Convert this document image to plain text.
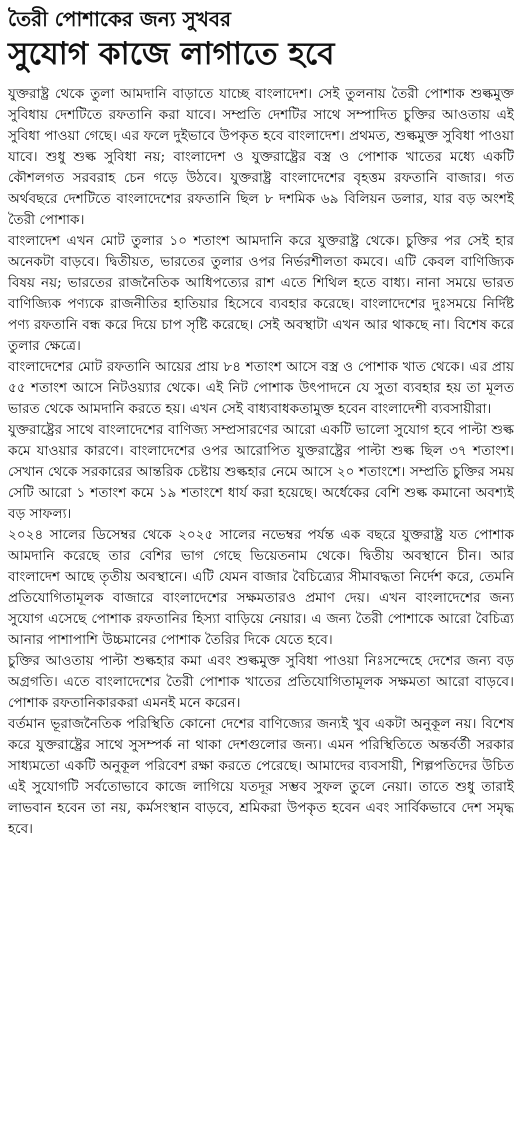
তৈরী পোশাকের জন্য সুখবর
সুযোগ কাজে লাগাতে হবে

যুক্তরাষ্ট্র থেকে তুলা আমদানি বাড়াতে যাচ্ছে বাংলাদেশ। সেই তুলনায় তৈরী পোশাক শুল্কমুক্ত সুবিধায় দেশটিতে রফতানি করা যাবে। সম্প্রতি দেশটির সাথে সম্পাদিত চুক্তির আওতায় এই সুবিধা পাওয়া গেছে। এর ফলে দুইভাবে উপকৃত হবে বাংলাদেশ। প্রথমত, শুল্কমুক্ত সুবিধা পাওয়া যাবে। শুধু শুল্ক সুবিধা নয়; বাংলাদেশ ও যুক্তরাষ্ট্রের বস্ত্র ও পোশাক খাতের মধ্যে একটি কৌশলগত সরবরাহ চেন গড়ে উঠবে। যুক্তরাষ্ট্র বাংলাদেশের বৃহত্তম রফতানি বাজার। গত অর্থবছরে দেশটিতে বাংলাদেশের রফতানি ছিল ৮ দশমিক ৬৯ বিলিয়ন ডলার, যার বড় অংশই তৈরী পোশাক।

বাংলাদেশ এখন মোট তুলার ১০ শতাংশ আমদানি করে যুক্তরাষ্ট্র থেকে। চুক্তির পর সেই হার অনেকটা বাড়বে। দ্বিতীয়ত, ভারতের তুলার ওপর নির্ভরশীলতা কমবে। এটি কেবল বাণিজ্যিক বিষয় নয়; ভারতের রাজনৈতিক আধিপত্যের রাশ এতে শিথিল হতে বাধ্য। নানা সময়ে ভারত বাণিজ্যিক পণ্যকে রাজনীতির হাতিয়ার হিসেবে ব্যবহার করেছে। বাংলাদেশের দুঃসময়ে নির্দিষ্ট পণ্য রফতানি বন্ধ করে দিয়ে চাপ সৃষ্টি করেছে। সেই অবস্থাটা এখন আর থাকছে না। বিশেষ করে তুলার ক্ষেত্রে।

বাংলাদেশের মোট রফতানি আয়ের প্রায় ৮৪ শতাংশ আসে বস্ত্র ও পোশাক খাত থেকে। এর প্রায় ৫৫ শতাংশ আসে নিটওয়্যার থেকে। এই নিট পোশাক উৎপাদনে যে সুতা ব্যবহার হয় তা মূলত ভারত থেকে আমদানি করতে হয়। এখন সেই বাধ্যবাধকতামুক্ত হবেন বাংলাদেশী ব্যবসায়ীরা।

যুক্তরাষ্ট্রের সাথে বাংলাদেশের বাণিজ্য সম্প্রসারণের আরো একটি ভালো সুযোগ হবে পাল্টা শুল্ক কমে যাওয়ার কারণে। বাংলাদেশের ওপর আরোপিত যুক্তরাষ্ট্রের পাল্টা শুল্ক ছিল ৩৭ শতাংশ। সেখান থেকে সরকারের আন্তরিক চেষ্টায় শুল্কহার নেমে আসে ২০ শতাংশে। সম্প্রতি চুক্তির সময় সেটি আরো ১ শতাংশ কমে ১৯ শতাংশে ধার্য করা হয়েছে। অর্ধেকের বেশি শুল্ক কমানো অবশ্যই বড় সাফল্য।

২০২৪ সালের ডিসেম্বর থেকে ২০২৫ সালের নভেম্বর পর্যন্ত এক বছরে যুক্তরাষ্ট্র যত পোশাক আমদানি করেছে তার বেশির ভাগ গেছে ভিয়েতনাম থেকে। দ্বিতীয় অবস্থানে চীন। আর বাংলাদেশ আছে তৃতীয় অবস্থানে। এটি যেমন বাজার বৈচিত্র্যের সীমাবদ্ধতা নির্দেশ করে, তেমনি প্রতিযোগিতামূলক বাজারে বাংলাদেশের সক্ষমতারও প্রমাণ দেয়। এখন বাংলাদেশের জন্য সুযোগ এসেছে পোশাক রফতানির হিস্যা বাড়িয়ে নেয়ার। এ জন্য তৈরী পোশাকে আরো বৈচিত্র্য আনার পাশাপাশি উচ্চমানের পোশাক তৈরির দিকে যেতে হবে।

চুক্তির আওতায় পাল্টা শুল্কহার কমা এবং শুল্কমুক্ত সুবিধা পাওয়া নিঃসন্দেহে দেশের জন্য বড় অগ্রগতি। এতে বাংলাদেশের তৈরী পোশাক খাতের প্রতিযোগিতামূলক সক্ষমতা আরো বাড়বে। পোশাক রফতানিকারকরা এমনই মনে করেন।

বর্তমান ভূরাজনৈতিক পরিস্থিতি কোনো দেশের বাণিজ্যের জন্যই খুব একটা অনুকূল নয়। বিশেষ করে যুক্তরাষ্ট্রের সাথে সুসম্পর্ক না থাকা দেশগুলোর জন্য। এমন পরিস্থিতিতে অন্তর্বর্তী সরকার সাধ্যমতো একটি অনুকূল পরিবেশ রক্ষা করতে পেরেছে। আমাদের ব্যবসায়ী, শিল্পপতিদের উচিত এই সুযোগটি সর্বতোভাবে কাজে লাগিয়ে যতদূর সম্ভব সুফল তুলে নেয়া। তাতে শুধু তারাই লাভবান হবেন তা নয়, কর্মসংস্থান বাড়বে, শ্রমিকরা উপকৃত হবেন এবং সার্বিকভাবে দেশ সমৃদ্ধ হবে।
